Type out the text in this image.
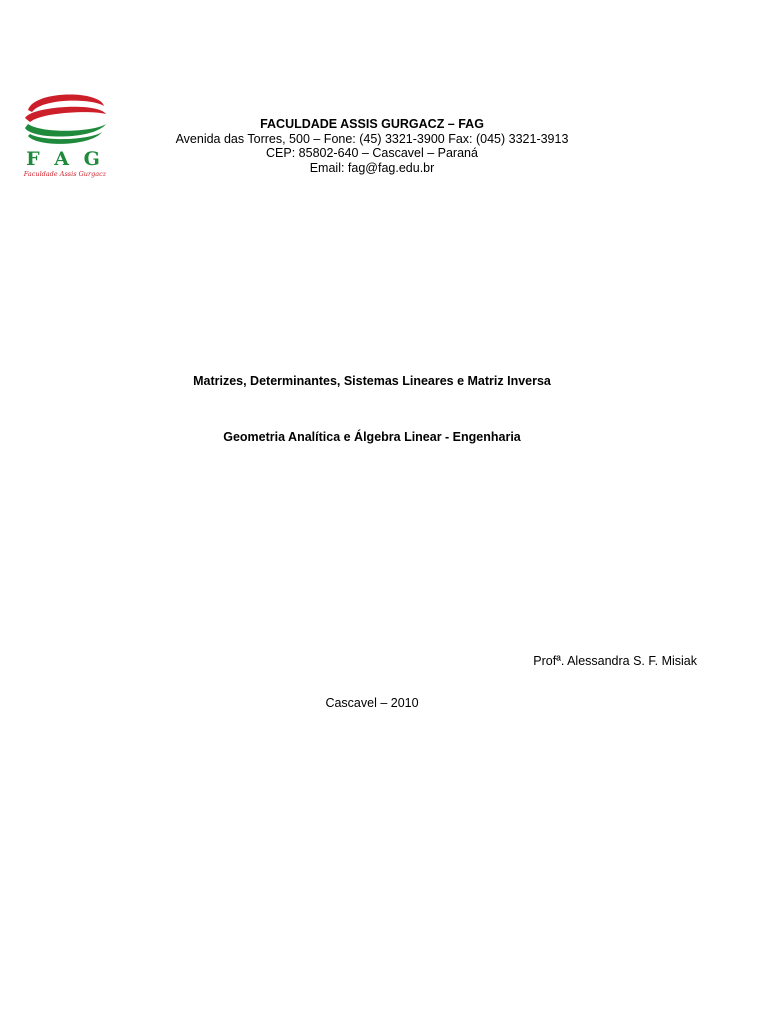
F A G
Faculdade Assis Gurgacz
FACULDADE ASSIS GURGACZ – FAG
Avenida das Torres, 500 – Fone: (45) 3321-3900 Fax: (045) 3321-3913
CEP: 85802-640 – Cascavel – Paraná
Email: fag@fag.edu.br
Matrizes, Determinantes, Sistemas Lineares e Matriz Inversa
Geometria Analítica e Álgebra Linear - Engenharia
Profª. Alessandra S. F. Misiak
Cascavel – 2010
